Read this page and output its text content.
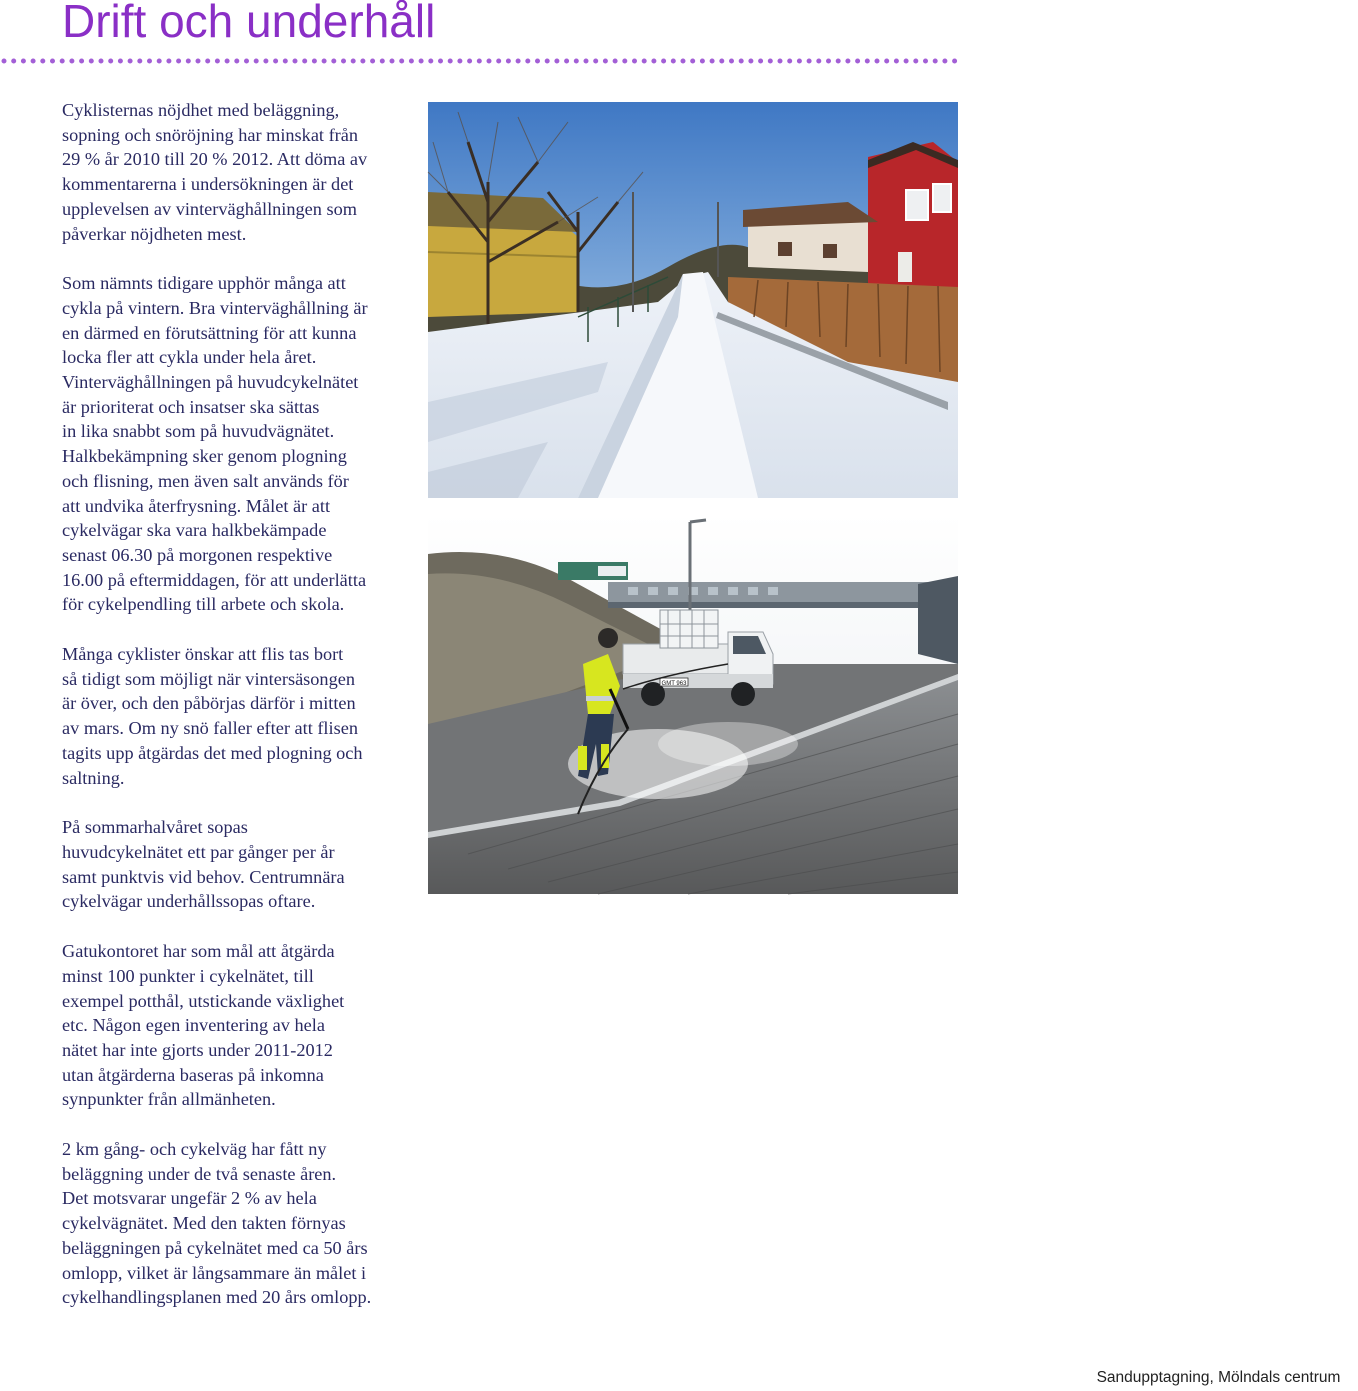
Drift och underhåll

Cyklisternas nöjdhet med beläggning,
sopning och snöröjning har minskat från
29 % år 2010 till 20 % 2012. Att döma av
kommentarerna i undersökningen är det
upplevelsen av vinterväghållningen som
påverkar nöjdheten mest.

Som nämnts tidigare upphör många att
cykla på vintern. Bra vinterväghållning är
en därmed en förutsättning för att kunna
locka fler att cykla under hela året.
Vinterväghållningen på huvudcykelnätet
är prioriterat och insatser ska sättas
in lika snabbt som på huvudvägnätet.
Halkbekämpning sker genom plogning
och flisning, men även salt används för
att undvika återfrysning. Målet är att
cykelvägar ska vara halkbekämpade
senast 06.30 på morgonen respektive
16.00 på eftermiddagen, för att underlätta
för cykelpendling till arbete och skola.

Många cyklister önskar att flis tas bort
så tidigt som möjligt när vintersäsongen
är över, och den påbörjas därför i mitten
av mars. Om ny snö faller efter att flisen
tagits upp åtgärdas det med plogning och
saltning.

På sommarhalvåret sopas
huvudcykelnätet ett par gånger per år
samt punktvis vid behov. Centrumnära
cykelvägar underhållssopas oftare.

Gatukontoret har som mål att åtgärda
minst 100 punkter i cykelnätet, till
exempel potthål, utstickande växlighet
etc. Någon egen inventering av hela
nätet har inte gjorts under 2011-2012
utan åtgärderna baseras på inkomna
synpunkter från allmänheten.

2 km gång- och cykelväg har fått ny
beläggning under de två senaste åren.
Det motsvarar ungefär 2 % av hela
cykelvägnätet. Med den takten förnyas
beläggningen på cykelnätet med ca 50 års
omlopp, vilket är långsammare än målet i
cykelhandlingsplanen med 20 års omlopp.

GMT 963
Sandupptagning, Mölndals centrum
